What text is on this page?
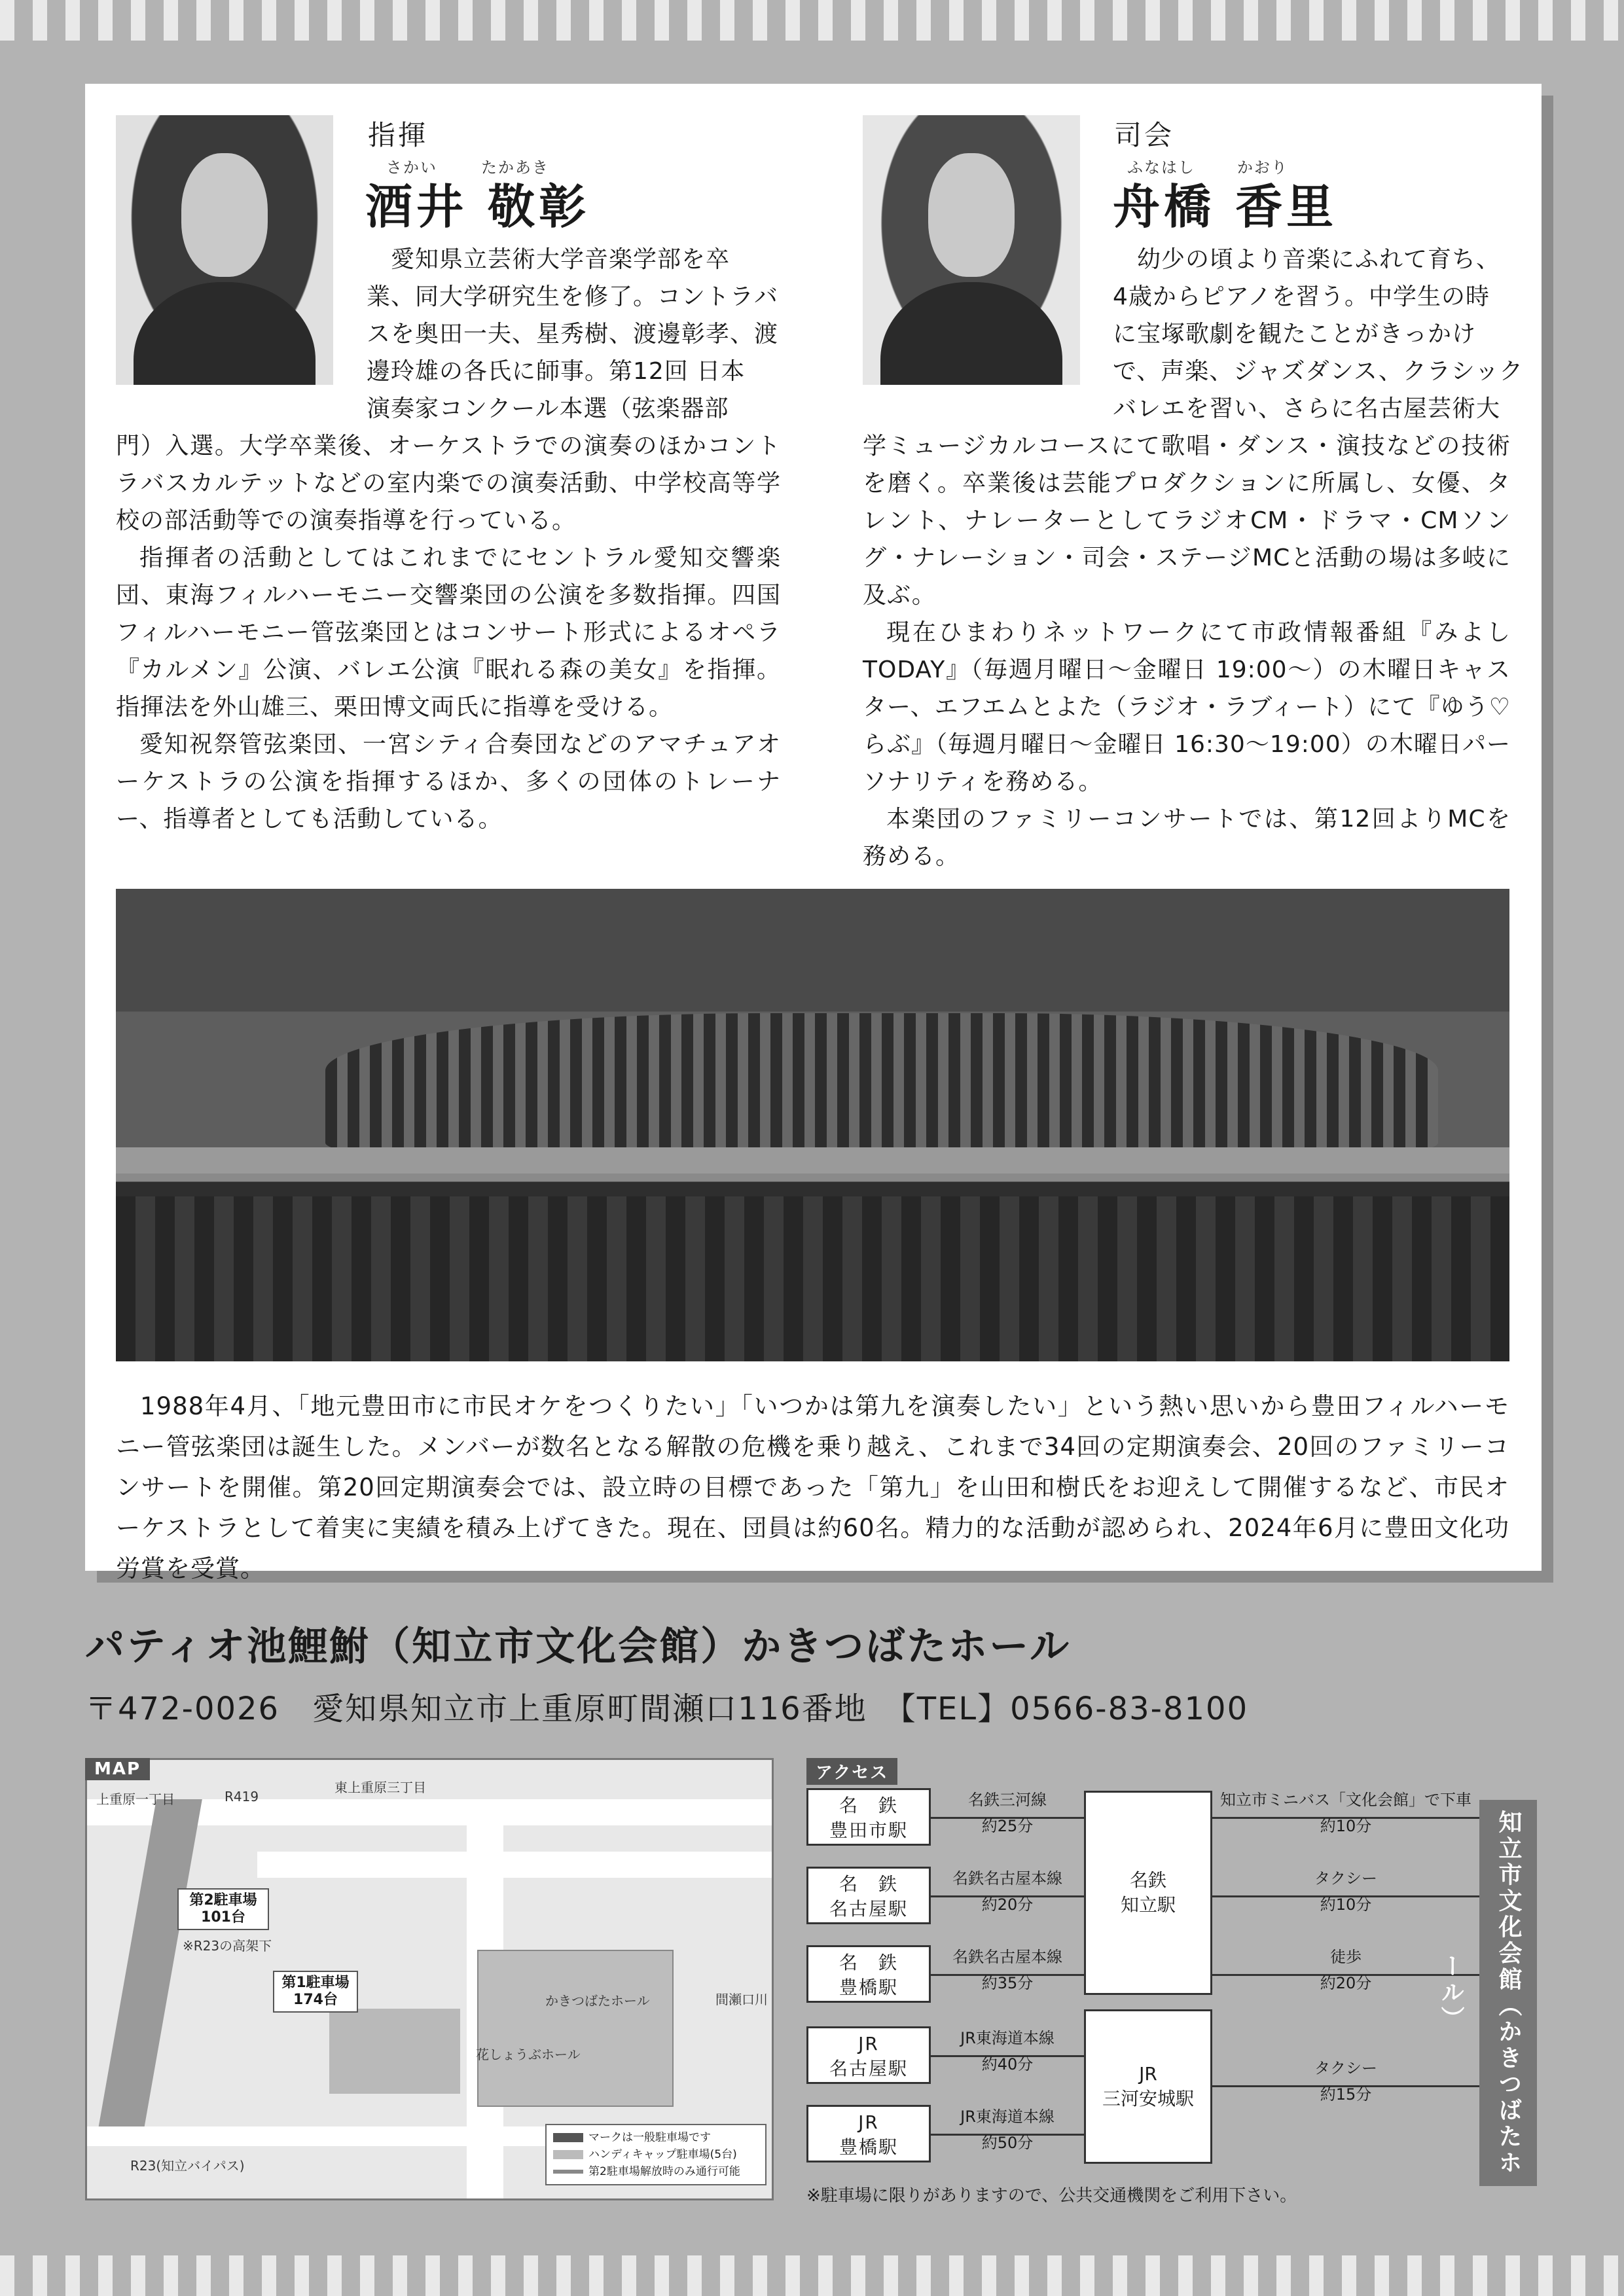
指揮
さかい	たかあき
酒井 敬彰
　愛知県立芸術大学音楽学部を卒
業、同大学研究生を修了。コントラバ
スを奥田一夫、星秀樹、渡邊彰孝、渡
邊玲雄の各氏に師事。第12回 日本
演奏家コンクール本選（弦楽器部
門）入選。大学卒業後、オーケストラでの演奏のほかコントラバスカルテットなどの室内楽での演奏活動、中学校高等学校の部活動等での演奏指導を行っている。

指揮者の活動としてはこれまでにセントラル愛知交響楽団、東海フィルハーモニー交響楽団の公演を多数指揮。四国フィルハーモニー管弦楽団とはコンサート形式によるオペラ『カルメン』公演、バレエ公演『眠れる森の美女』を指揮。指揮法を外山雄三、栗田博文両氏に指導を受ける。

愛知祝祭管弦楽団、一宮シティ合奏団などのアマチュアオーケストラの公演を指揮するほか、多くの団体のトレーナー、指導者としても活動している。

司会
ふなはし	かおり
舟橋 香里
　幼少の頃より音楽にふれて育ち、
4歳からピアノを習う。中学生の時
に宝塚歌劇を観たことがきっかけ
で、声楽、ジャズダンス、クラシック
バレエを習い、さらに名古屋芸術大
学ミュージカルコースにて歌唱・ダンス・演技などの技術を磨く。卒業後は芸能プロダクションに所属し、女優、タレント、ナレーターとしてラジオCM・ドラマ・CMソング・ナレーション・司会・ステージMCと活動の場は多岐に及ぶ。

現在ひまわりネットワークにて市政情報番組『みよしTODAY』（毎週月曜日～金曜日 19:00～）の木曜日キャスター、エフエムとよた（ラジオ・ラブィート）にて『ゆう♡らぶ』（毎週月曜日～金曜日 16:30～19:00）の木曜日パーソナリティを務める。

本楽団のファミリーコンサートでは、第12回よりMCを務める。

1988年4月、「地元豊田市に市民オケをつくりたい」「いつかは第九を演奏したい」という熱い思いから豊田フィルハーモニー管弦楽団は誕生した。メンバーが数名となる解散の危機を乗り越え、これまで34回の定期演奏会、20回のファミリーコンサートを開催。第20回定期演奏会では、設立時の目標であった「第九」を山田和樹氏をお迎えして開催するなど、市民オーケストラとして着実に実績を積み上げてきた。現在、団員は約60名。精力的な活動が認められ、2024年6月に豊田文化功労賞を受賞。

パティオ池鯉鮒（知立市文化会館）かきつばたホール
〒472-0026　愛知県知立市上重原町間瀬口116番地　【TEL】0566-83-8100
MAP
上重原一丁目	R419
東上重原三丁目
第2駐車場
101台
※R23の高架下
第1駐車場
174台	かきつばたホール
花しょうぶホール
間瀬口川
R23(知立バイパス)
マークは一般駐車場です
ハンディキャップ駐車場(5台)
第2駐車場解放時のみ通行可能
アクセス
名　鉄
豊田市駅
名　鉄
名古屋駅
名　鉄
豊橋駅
JR
名古屋駅
JR
豊橋駅
名鉄三河線
約25分
名鉄名古屋本線
約20分
名鉄名古屋本線
約35分
JR東海道本線
約40分
JR東海道本線
約50分
名鉄
知立駅
JR
三河安城駅
知立市ミニバス「文化会館」で下車
約10分
タクシー
約10分
徒歩
約20分
タクシー
約15分	知立市文化会館（かきつばたホール）
※駐車場に限りがありますので、公共交通機関をご利用下さい。
